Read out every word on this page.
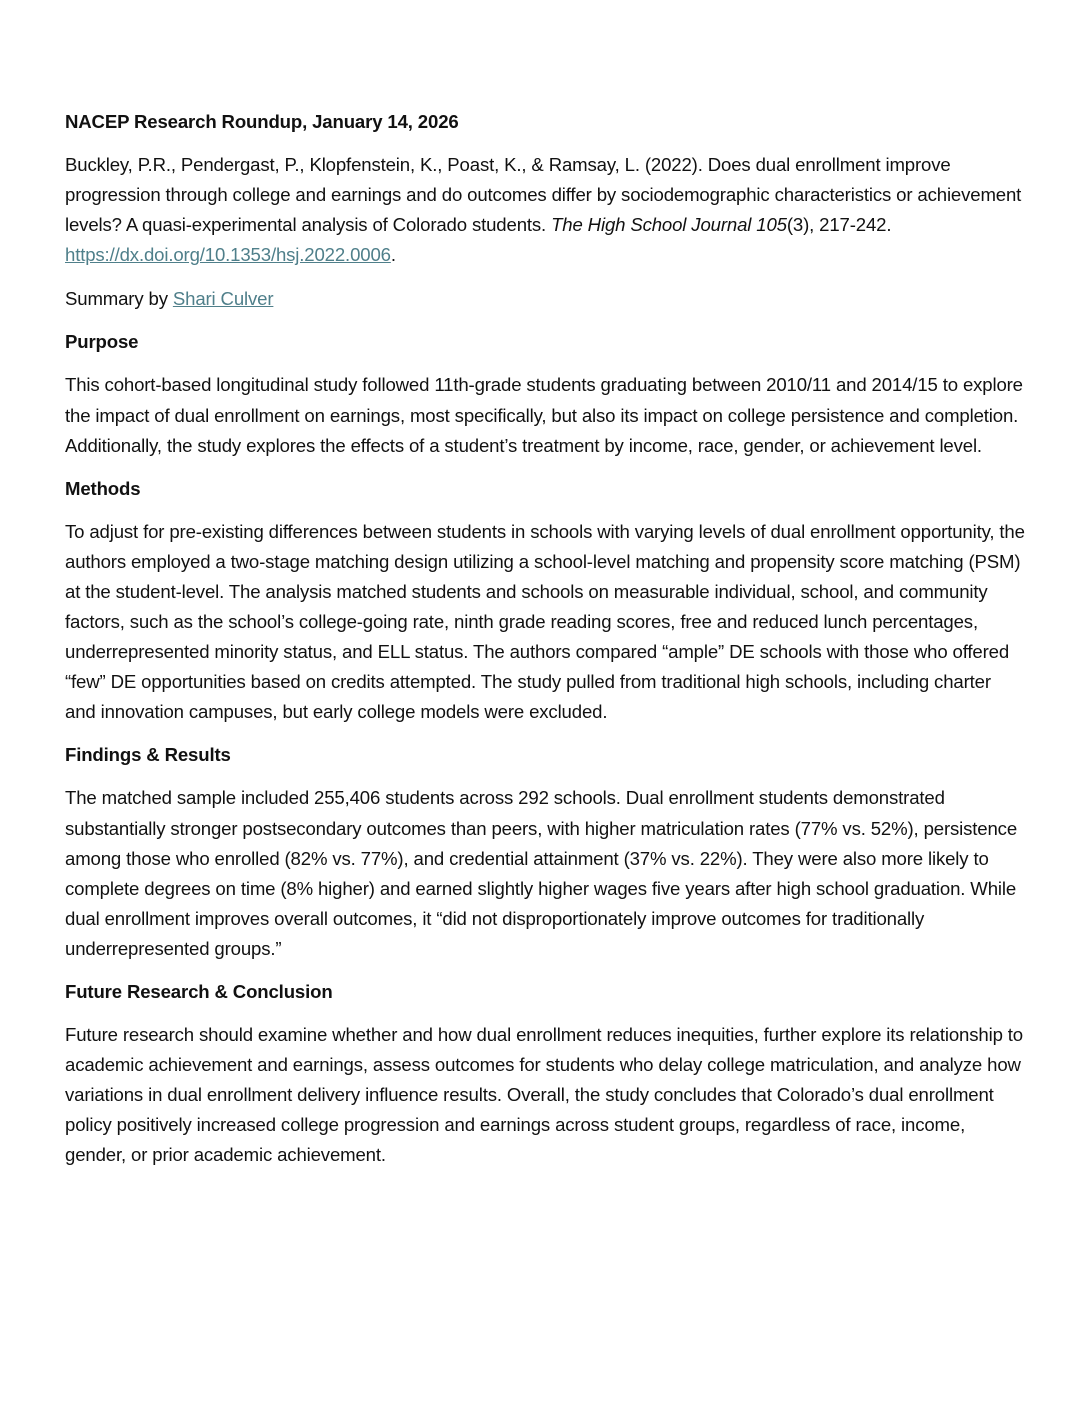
NACEP Research Roundup, January 14, 2026

Buckley, P.R., Pendergast, P., Klopfenstein, K., Poast, K., & Ramsay, L. (2022). Does dual enrollment improve progression through college and earnings and do outcomes differ by sociodemographic characteristics or achievement levels? A quasi-experimental analysis of Colorado students. The High School Journal 105(3), 217-242. https://dx.doi.org/10.1353/hsj.2022.0006.

Summary by Shari Culver

Purpose

This cohort-based longitudinal study followed 11th-grade students graduating between 2010/11 and 2014/15 to explore the impact of dual enrollment on earnings, most specifically, but also its impact on college persistence and completion. Additionally, the study explores the effects of a student’s treatment by income, race, gender, or achievement level.

Methods

To adjust for pre-existing differences between students in schools with varying levels of dual enrollment opportunity, the authors employed a two-stage matching design utilizing a school-level matching and propensity score matching (PSM) at the student-level. The analysis matched students and schools on measurable individual, school, and community factors, such as the school’s college-going rate, ninth grade reading scores, free and reduced lunch percentages, underrepresented minority status, and ELL status. The authors compared “ample” DE schools with those who offered “few” DE opportunities based on credits attempted. The study pulled from traditional high schools, including charter and innovation campuses, but early college models were excluded.

Findings & Results

The matched sample included 255,406 students across 292 schools. Dual enrollment students demonstrated substantially stronger postsecondary outcomes than peers, with higher matriculation rates (77% vs. 52%), persistence among those who enrolled (82% vs. 77%), and credential attainment (37% vs. 22%). They were also more likely to complete degrees on time (8% higher) and earned slightly higher wages five years after high school graduation. While dual enrollment improves overall outcomes, it “did not disproportionately improve outcomes for traditionally underrepresented groups.”

Future Research & Conclusion

Future research should examine whether and how dual enrollment reduces inequities, further explore its relationship to academic achievement and earnings, assess outcomes for students who delay college matriculation, and analyze how variations in dual enrollment delivery influence results. Overall, the study concludes that Colorado’s dual enrollment policy positively increased college progression and earnings across student groups, regardless of race, income, gender, or prior academic achievement.
